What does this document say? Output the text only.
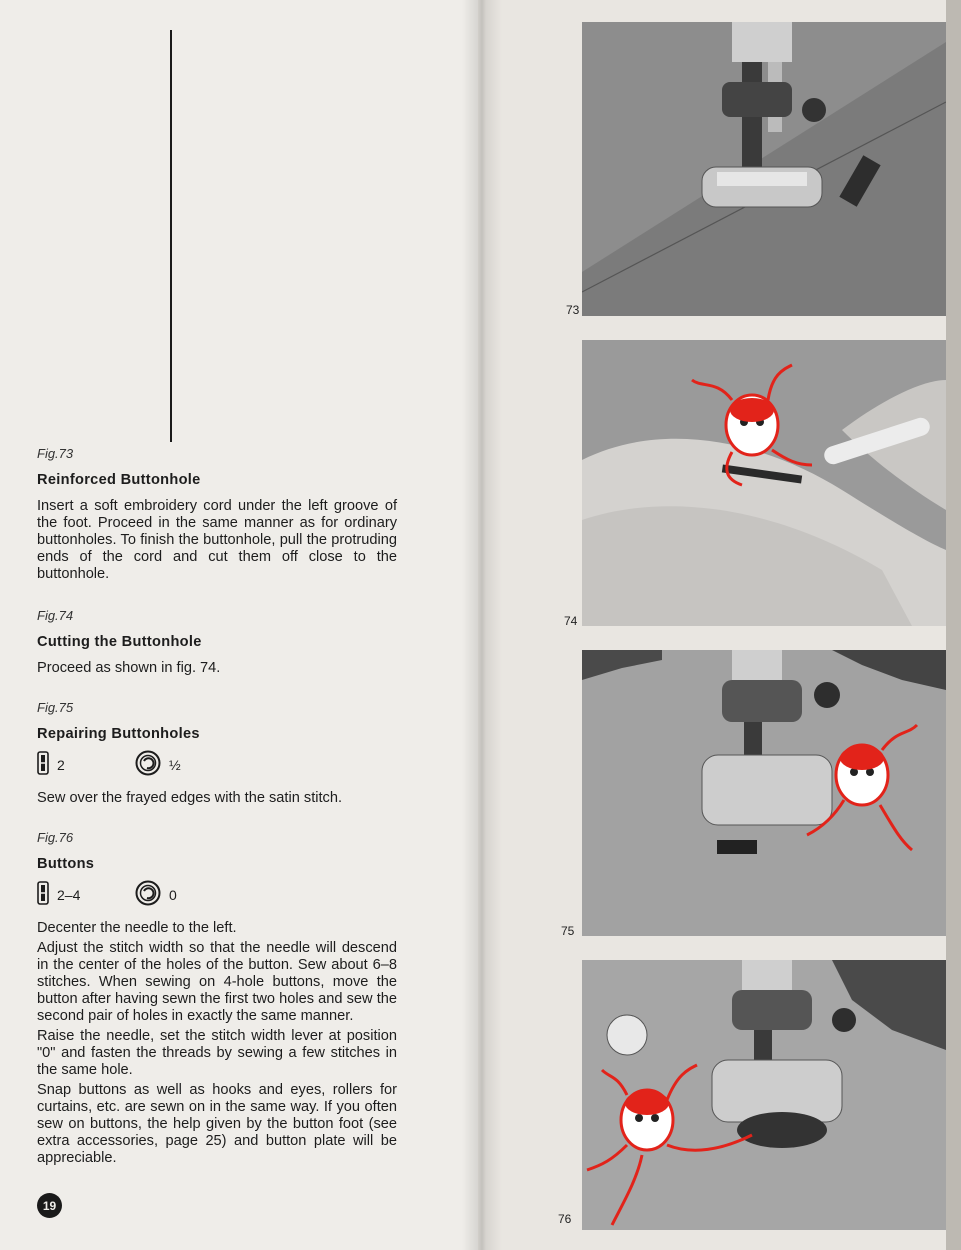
Fig.73
Reinforced Buttonhole

Insert a soft embroidery cord under the left groove of the foot. Proceed in the same manner as for ordinary buttonholes. To finish the buttonhole, pull the protruding ends of the cord and cut them off close to the buttonhole.

Fig.74
Cutting the Buttonhole

Proceed as shown in fig. 74.

Fig.75
Repairing Buttonholes
2	½

Sew over the frayed edges with the satin stitch.

Fig.76
Buttons
2–4	0

Decenter the needle to the left.

Adjust the stitch width so that the needle will descend in the center of the holes of the button. Sew about 6–8 stitches. When sewing on 4-hole buttons, move the button after having sewn the first two holes and sew the second pair of holes in exactly the same manner.

Raise the needle, set the stitch width lever at position "0" and fasten the threads by sewing a few stitches in the same hole.

Snap buttons as well as hooks and eyes, rollers for curtains, etc. are sewn on in the same way. If you often sew on buttons, the help given by the button foot (see extra accessories, page 25) and button plate will be appreciable.

19
73
74
75
76
